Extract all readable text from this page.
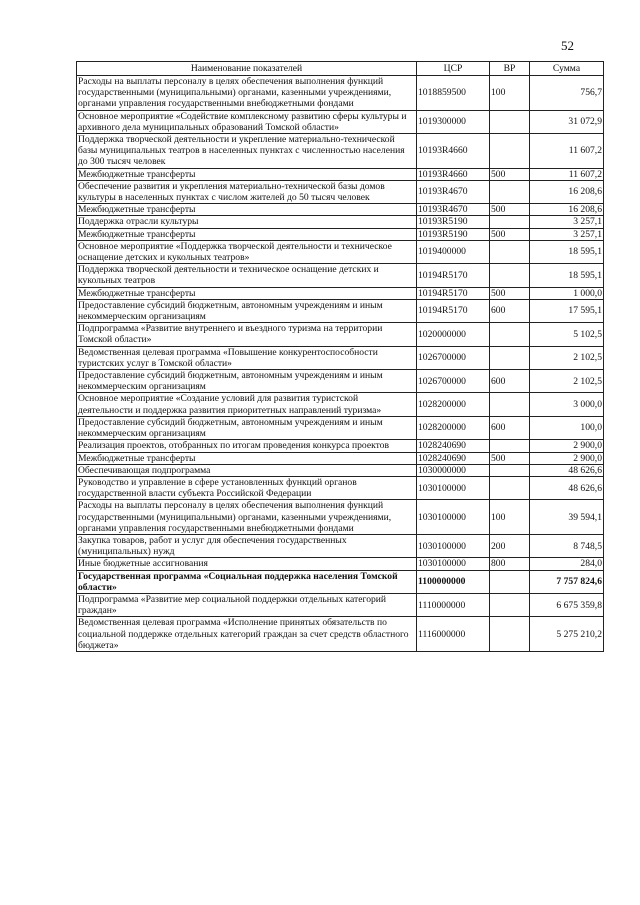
52
Наименование показателей	ЦСР	ВР	Сумма
Расходы на выплаты персоналу в целях обеспечения выполнения функций государственными (муниципальными) органами, казенными учреждениями, органами управления государственными внебюджетными фондами	1018859500	100	756,7
Основное мероприятие «Содействие комплексному развитию сферы культуры и архивного дела муниципальных образований Томской области»	1019300000		31 072,9
Поддержка творческой деятельности и укрепление материально-технической базы муниципальных театров в населенных пунктах с численностью населения до 300 тысяч человек	10193R4660		11 607,2
Межбюджетные трансферты	10193R4660	500	11 607,2
Обеспечение развития и укрепления материально-технической базы домов культуры в населенных пунктах с числом жителей до 50 тысяч человек	10193R4670		16 208,6
Межбюджетные трансферты	10193R4670	500	16 208,6
Поддержка отрасли культуры	10193R5190		3 257,1
Межбюджетные трансферты	10193R5190	500	3 257,1
Основное мероприятие «Поддержка творческой деятельности и техническое оснащение детских и кукольных театров»	1019400000		18 595,1
Поддержка творческой деятельности и техническое оснащение детских и кукольных театров	10194R5170		18 595,1
Межбюджетные трансферты	10194R5170	500	1 000,0
Предоставление субсидий бюджетным, автономным учреждениям и иным некоммерческим организациям	10194R5170	600	17 595,1
Подпрограмма «Развитие внутреннего и въездного туризма на территории Томской области»	1020000000		5 102,5
Ведомственная целевая программа «Повышение конкурентоспособности туристских услуг в Томской области»	1026700000		2 102,5
Предоставление субсидий бюджетным, автономным учреждениям и иным некоммерческим организациям	1026700000	600	2 102,5
Основное мероприятие «Создание условий для развития туристской деятельности и поддержка развития приоритетных направлений туризма»	1028200000		3 000,0
Предоставление субсидий бюджетным, автономным учреждениям и иным некоммерческим организациям	1028200000	600	100,0
Реализация проектов, отобранных по итогам проведения конкурса проектов	1028240690		2 900,0
Межбюджетные трансферты	1028240690	500	2 900,0
Обеспечивающая подпрограмма	1030000000		48 626,6
Руководство и управление в сфере установленных функций органов государственной власти субъекта Российской Федерации	1030100000		48 626,6
Расходы на выплаты персоналу в целях обеспечения выполнения функций государственными (муниципальными) органами, казенными учреждениями, органами управления государственными внебюджетными фондами	1030100000	100	39 594,1
Закупка товаров, работ и услуг для обеспечения государственных (муниципальных) нужд	1030100000	200	8 748,5
Иные бюджетные ассигнования	1030100000	800	284,0
Государственная программа «Социальная поддержка населения Томской области»	1100000000		7 757 824,6
Подпрограмма «Развитие мер социальной поддержки отдельных категорий граждан»	1110000000		6 675 359,8
Ведомственная целевая программа «Исполнение принятых обязательств по социальной поддержке отдельных категорий граждан за счет средств областного бюджета»	1116000000		5 275 210,2
